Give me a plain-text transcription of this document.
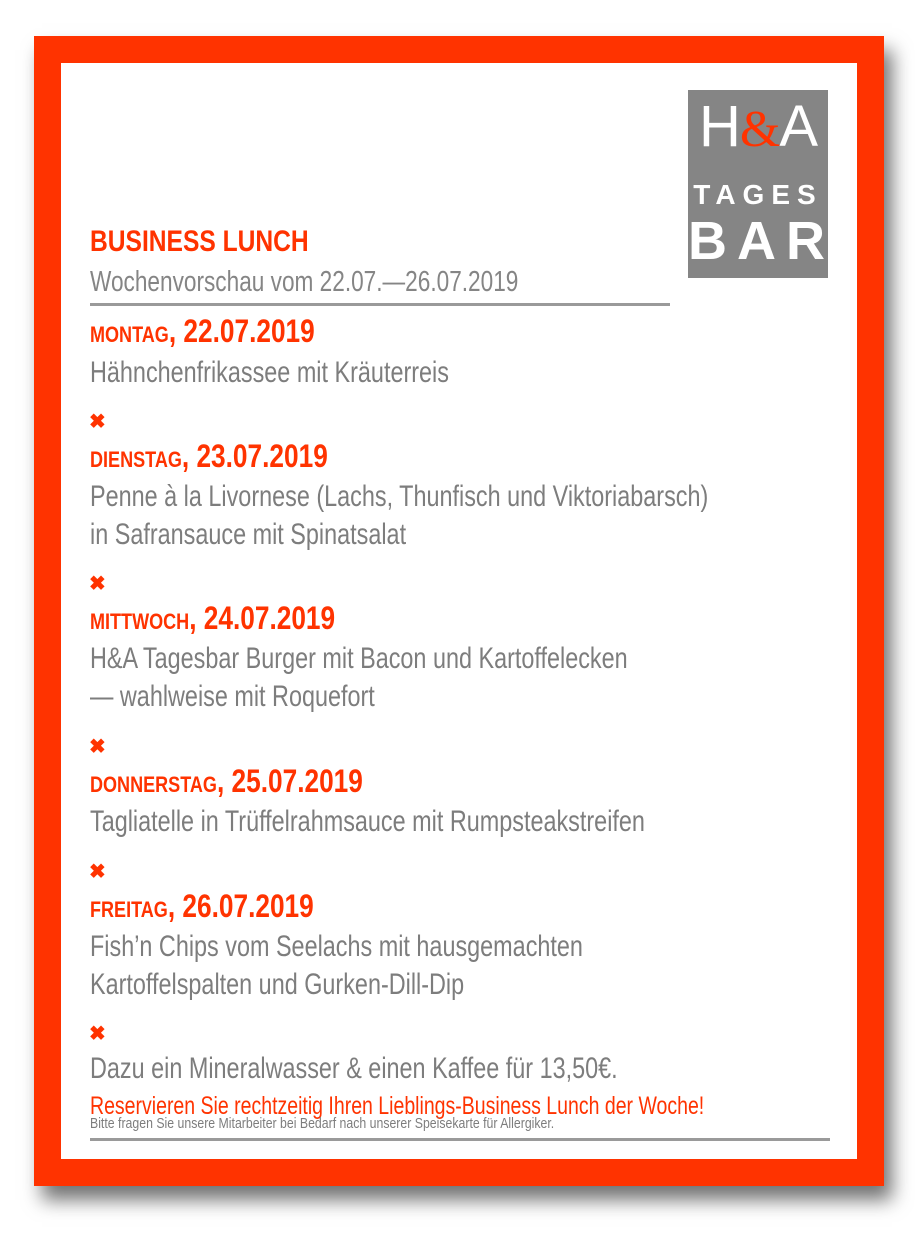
H&A
TAGES
BAR
BUSINESS LUNCH
Wochenvorschau vom 22.07.—26.07.2019
MONTAG, 22.07.2019
Hähnchenfrikassee mit Kräuterreis
✖
DIENSTAG, 23.07.2019
Penne à la Livornese (Lachs, Thunfisch und Viktoriabarsch)
in Safransauce mit Spinatsalat
✖
MITTWOCH, 24.07.2019
H&A Tagesbar Burger mit Bacon und Kartoffelecken
— wahlweise mit Roquefort
✖
DONNERSTAG, 25.07.2019
Tagliatelle in Trüffelrahmsauce mit Rumpsteakstreifen
✖
FREITAG, 26.07.2019
Fish’n Chips vom Seelachs mit hausgemachten
Kartoffelspalten und Gurken-Dill-Dip
✖
Dazu ein Mineralwasser & einen Kaffee für 13,50€.
Reservieren Sie rechtzeitig Ihren Lieblings-Business Lunch der Woche!
Bitte fragen Sie unsere Mitarbeiter bei Bedarf nach unserer Speisekarte für Allergiker.
